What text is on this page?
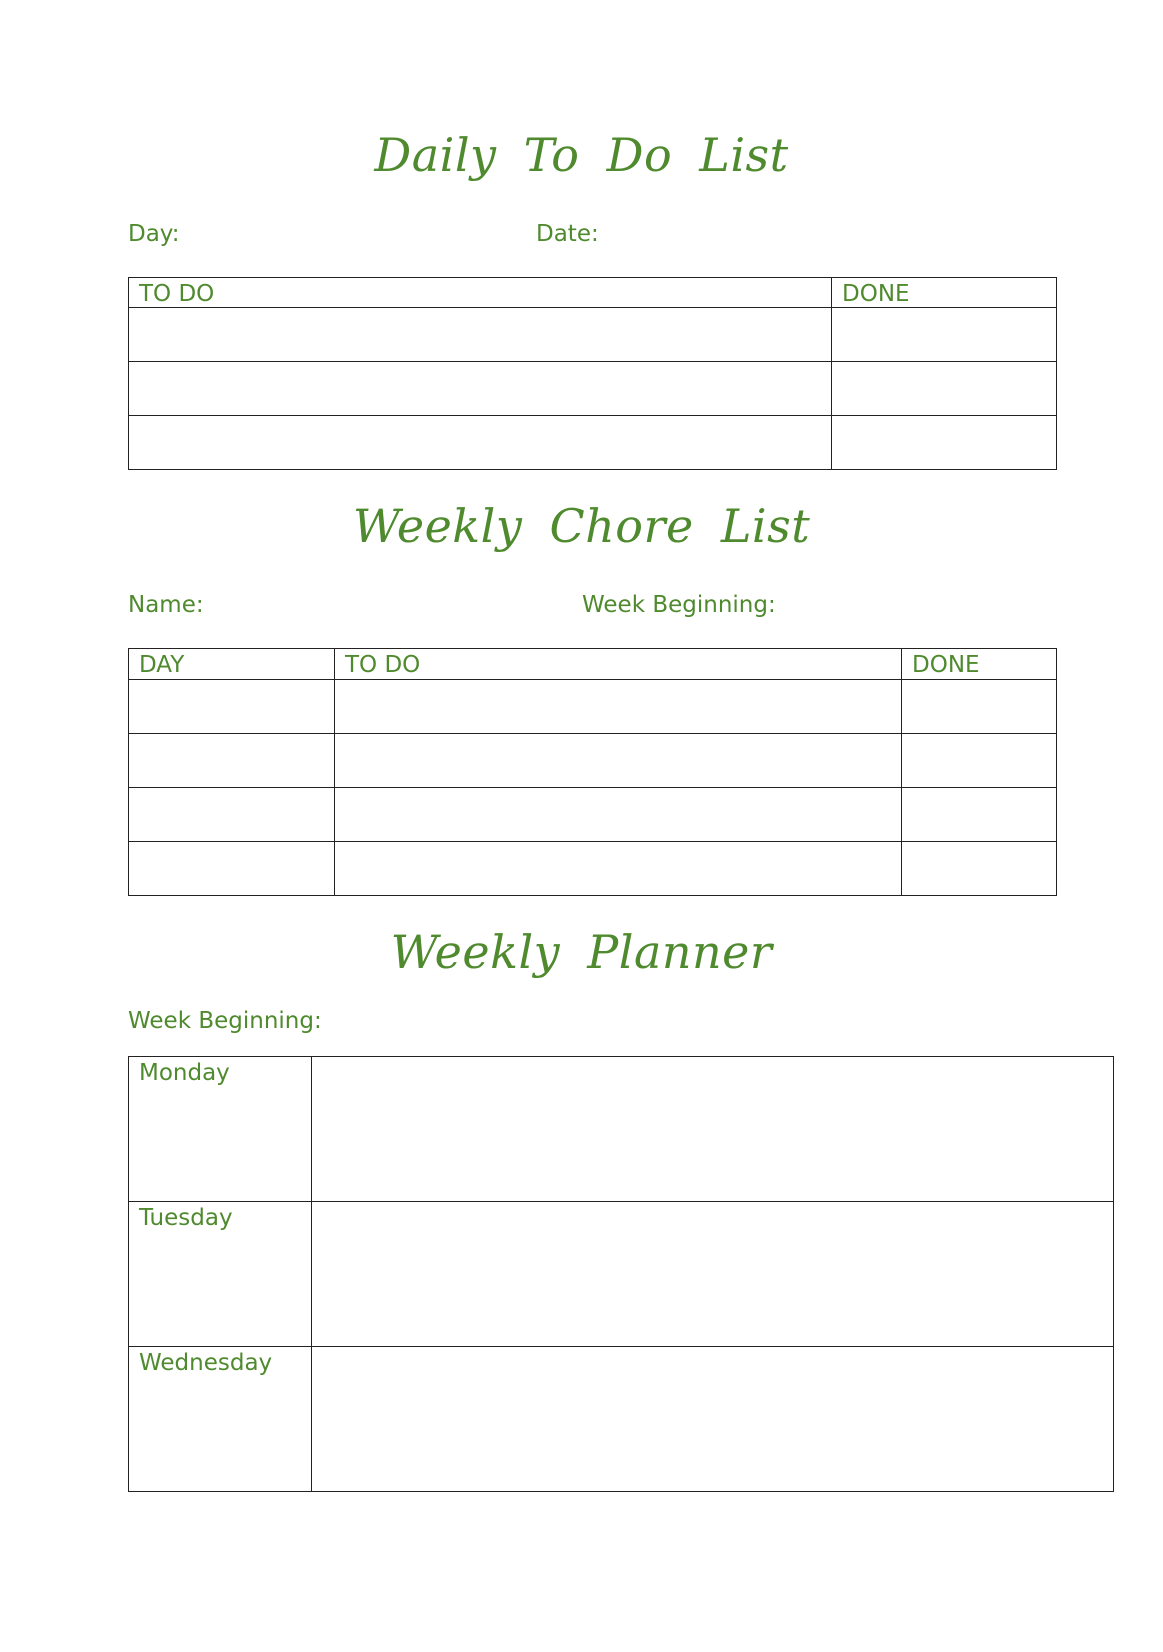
Daily To Do List
Day:	Date:
TO DO	DONE

Weekly Chore List
Name:	Week Beginning:
DAY	TO DO	DONE

Weekly Planner
Week Beginning:
Monday	

Tuesday	

Wednesday	
